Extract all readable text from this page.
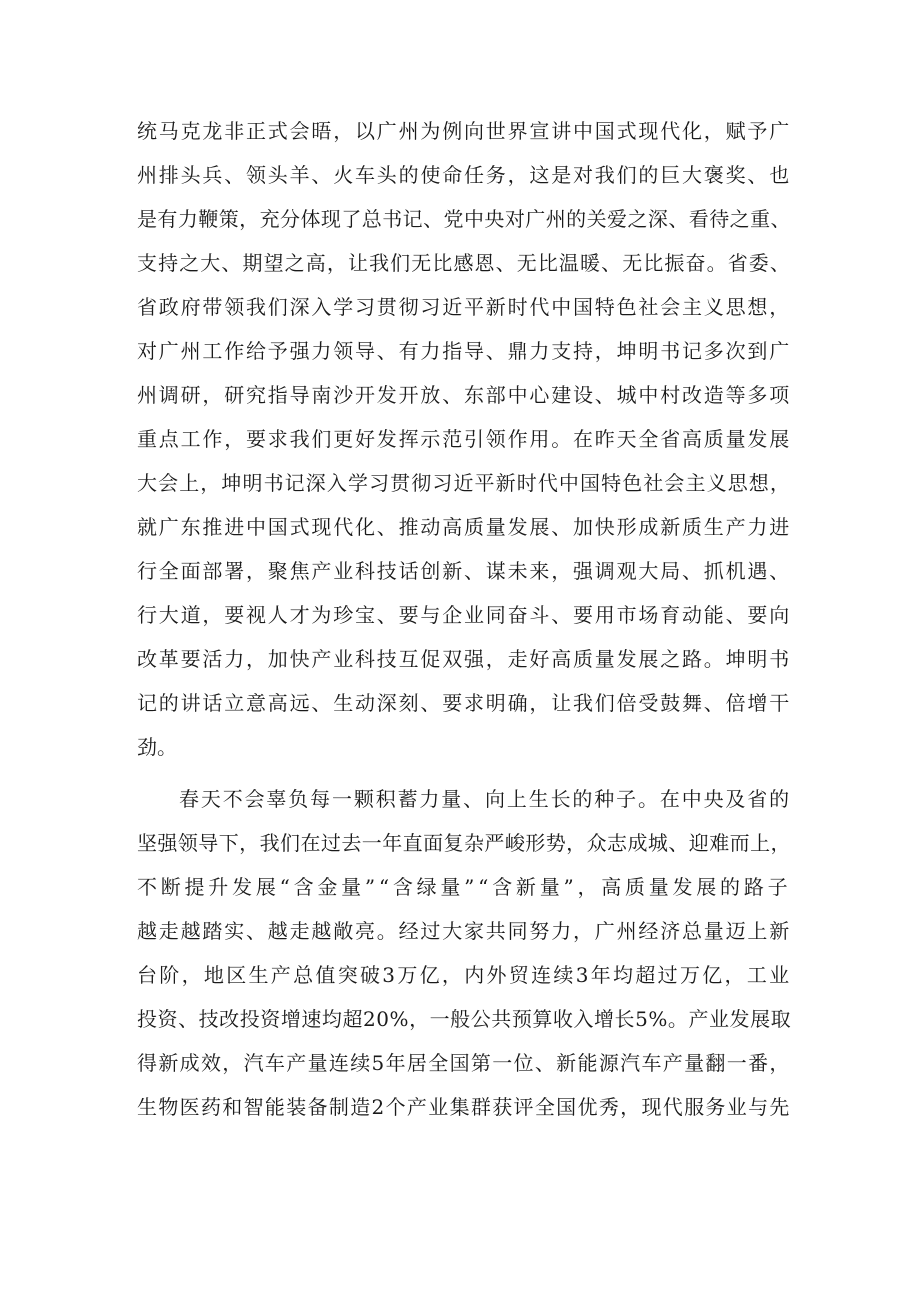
统马克龙非正式会晤，以广州为例向世界宣讲中国式现代化，赋予广
州排头兵、领头羊、火车头的使命任务，这是对我们的巨大褒奖、也
是有力鞭策，充分体现了总书记、党中央对广州的关爱之深、看待之重、
支持之大、期望之高，让我们无比感恩、无比温暖、无比振奋。省委、
省政府带领我们深入学习贯彻习近平新时代中国特色社会主义思想，
对广州工作给予强力领导、有力指导、鼎力支持，坤明书记多次到广
州调研，研究指导南沙开发开放、东部中心建设、城中村改造等多项
重点工作，要求我们更好发挥示范引领作用。在昨天全省高质量发展
大会上，坤明书记深入学习贯彻习近平新时代中国特色社会主义思想，
就广东推进中国式现代化、推动高质量发展、加快形成新质生产力进
行全面部署，聚焦产业科技话创新、谋未来，强调观大局、抓机遇、
行大道，要视人才为珍宝、要与企业同奋斗、要用市场育动能、要向
改革要活力，加快产业科技互促双强，走好高质量发展之路。坤明书
记的讲话立意高远、生动深刻、要求明确，让我们倍受鼓舞、倍增干
劲。
春天不会辜负每一颗积蓄力量、向上生长的种子。在中央及省的
坚强领导下，我们在过去一年直面复杂严峻形势，众志成城、迎难而上，
不断提升发展“含金量”“含绿量”“含新量”，高质量发展的路子
越走越踏实、越走越敞亮。经过大家共同努力，广州经济总量迈上新
台阶，地区生产总值突破3万亿，内外贸连续3年均超过万亿，工业
投资、技改投资增速均超20%，一般公共预算收入增长5%。产业发展取
得新成效，汽车产量连续5年居全国第一位、新能源汽车产量翻一番，
生物医药和智能装备制造2个产业集群获评全国优秀，现代服务业与先
